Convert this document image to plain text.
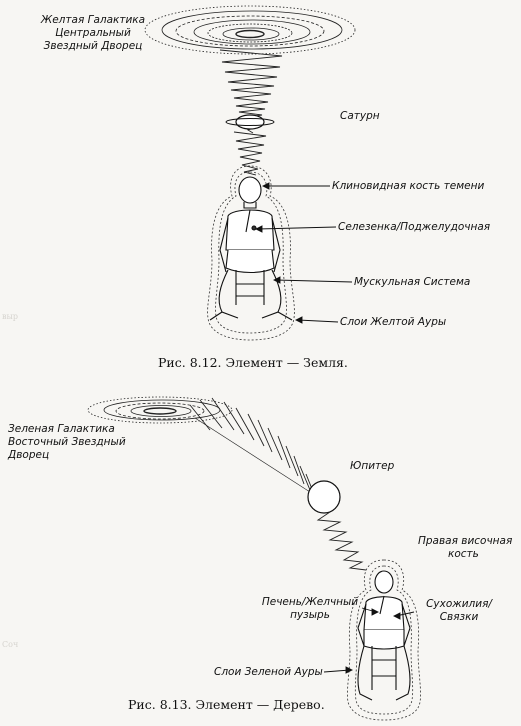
выр
Соч
Желтая Галактика
Центральный
Звездный Дворец
Сатурн
Клиновидная кость темени
Селезенка/Поджелудочная
Мускульная Система
Слои Желтой Ауры
Рис. 8.12. Элемент — Земля.
Зеленая Галактика
Восточный Звездный
Дворец
Юпитер
Правая височная
кость
Печень/Желчный
пузырь
Сухожилия/
Связки
Слои Зеленой Ауры
Рис. 8.13. Элемент — Дерево.
